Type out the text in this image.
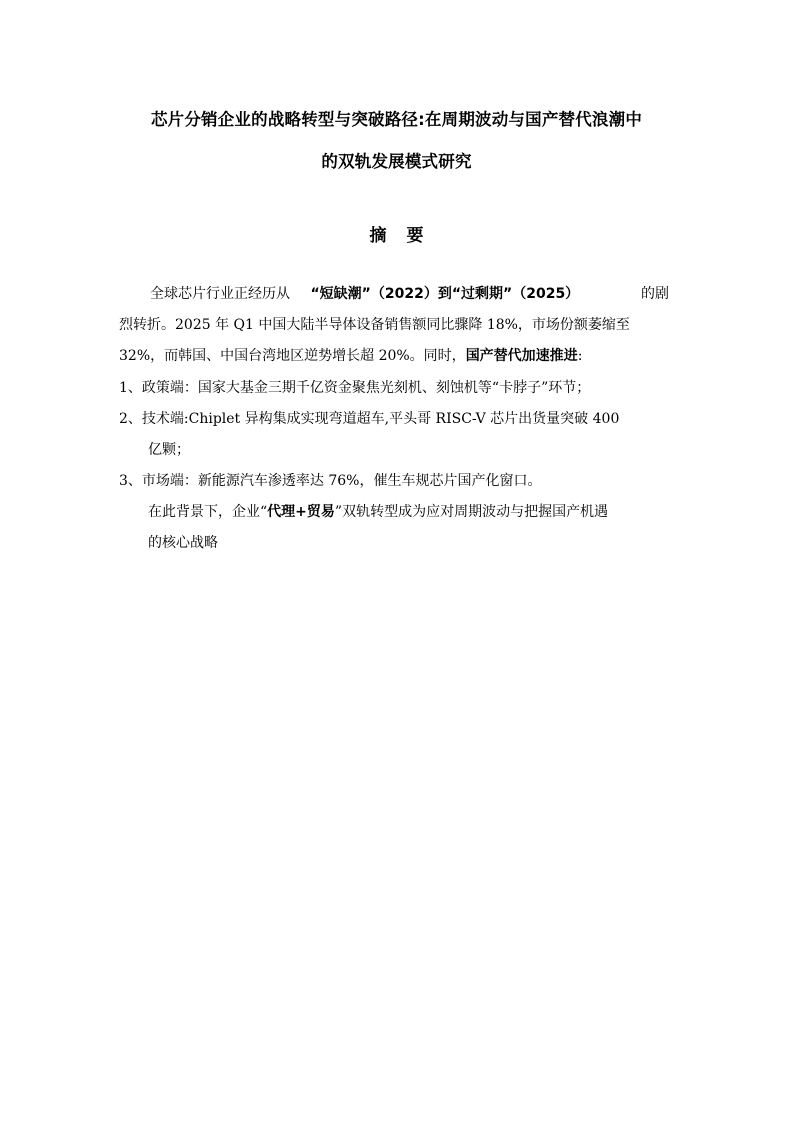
芯片分销企业的战略转型与突破路径:在周期波动与国产替代浪潮中
的双轨发展模式研究
摘要
全球芯片行业正经历从 “短缺潮”（2022）到“过剩期”（2025）	的剧
烈转折。2025 年 Q1 中国大陆半导体设备销售额同比骤降 18%，市场份额萎缩至
32%，而韩国、中国台湾地区逆势增长超 20%。同时，国产替代加速推进:
1、政策端：国家大基金三期千亿资金聚焦光刻机、刻蚀机等“卡脖子”环节；
2、技术端:Chiplet 异构集成实现弯道超车,平头哥 RISC-V 芯片出货量突破 400
亿颗；
3、市场端：新能源汽车渗透率达 76%，催生车规芯片国产化窗口。
在此背景下，企业“代理+贸易”双轨转型成为应对周期波动与把握国产机遇
的核心战略
